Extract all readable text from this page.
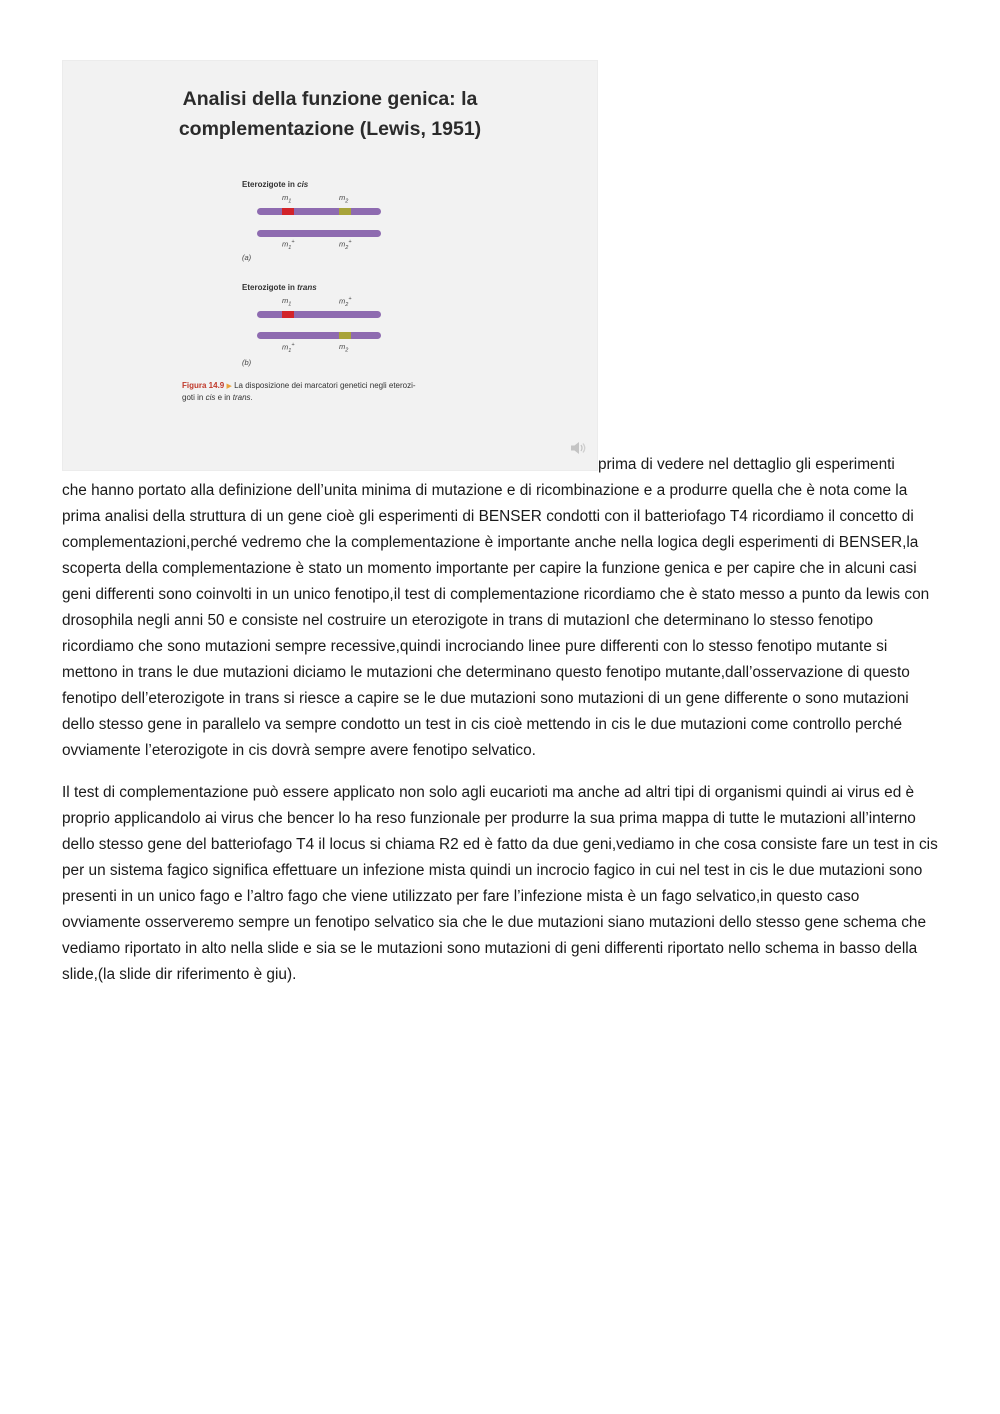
Analisi della funzione genica: la
complementazione (Lewis, 1951)
Eterozigote in cis
$m_1$	$m_2$
$m_1^+$	$m_2^+$
(a)
Eterozigote in trans
$m_1$	$m_2^+$
$m_1^+$	$m_2$
(b)
Figura 14.9 ▶ La disposizione dei marcatori genetici negli eterozi-
goti in cis e in trans.

prima di vedere nel dettaglio gli esperimenti
che hanno portato alla definizione dell’unita minima di mutazione e di ricombinazione e a produrre quella che è nota come la prima analisi della struttura di un gene cioè gli esperimenti di BENSER condotti con il batteriofago T4 ricordiamo il concetto di complementazioni,perché vedremo che la complementazione è importante anche nella logica degli esperimenti di BENSER,la scoperta della complementazione è stato un momento importante per capire la funzione genica e per capire che in alcuni casi geni differenti sono coinvolti in un unico fenotipo,il test di complementazione ricordiamo che è stato messo a punto da lewis con drosophila negli anni 50 e consiste nel costruire un eterozigote in trans di mutazionI che determinano lo stesso fenotipo ricordiamo che sono mutazioni sempre recessive,quindi incrociando linee pure differenti con lo stesso fenotipo mutante si mettono in trans le due mutazioni diciamo le mutazioni che determinano questo fenotipo mutante,dall’osservazione di questo fenotipo dell’eterozigote in trans si riesce a capire se le due mutazioni sono mutazioni di un gene differente o sono mutazioni dello stesso gene in parallelo va sempre condotto un test in cis cioè mettendo in cis le due mutazioni come controllo perché ovviamente l’eterozigote in cis dovrà sempre avere fenotipo selvatico.

Il test di complementazione può essere applicato non solo agli eucarioti ma anche ad altri tipi di organismi quindi ai virus ed è proprio applicandolo ai virus che bencer lo ha reso funzionale per produrre la sua prima mappa di tutte le mutazioni all’interno dello stesso gene del batteriofago T4 il locus si chiama R2 ed è fatto da due geni,vediamo in che cosa consiste fare un test in cis per un sistema fagico significa effettuare un infezione mista quindi un incrocio fagico in cui nel test in cis le due mutazioni sono presenti in un unico fago e l’altro fago che viene utilizzato per fare l’infezione mista è un fago selvatico,in questo caso ovviamente osserveremo sempre un fenotipo selvatico sia che le due mutazioni siano mutazioni dello stesso gene schema che vediamo riportato in alto nella slide e sia se le mutazioni sono mutazioni di geni differenti riportato nello schema in basso della slide,(la slide dir riferimento è giu).
